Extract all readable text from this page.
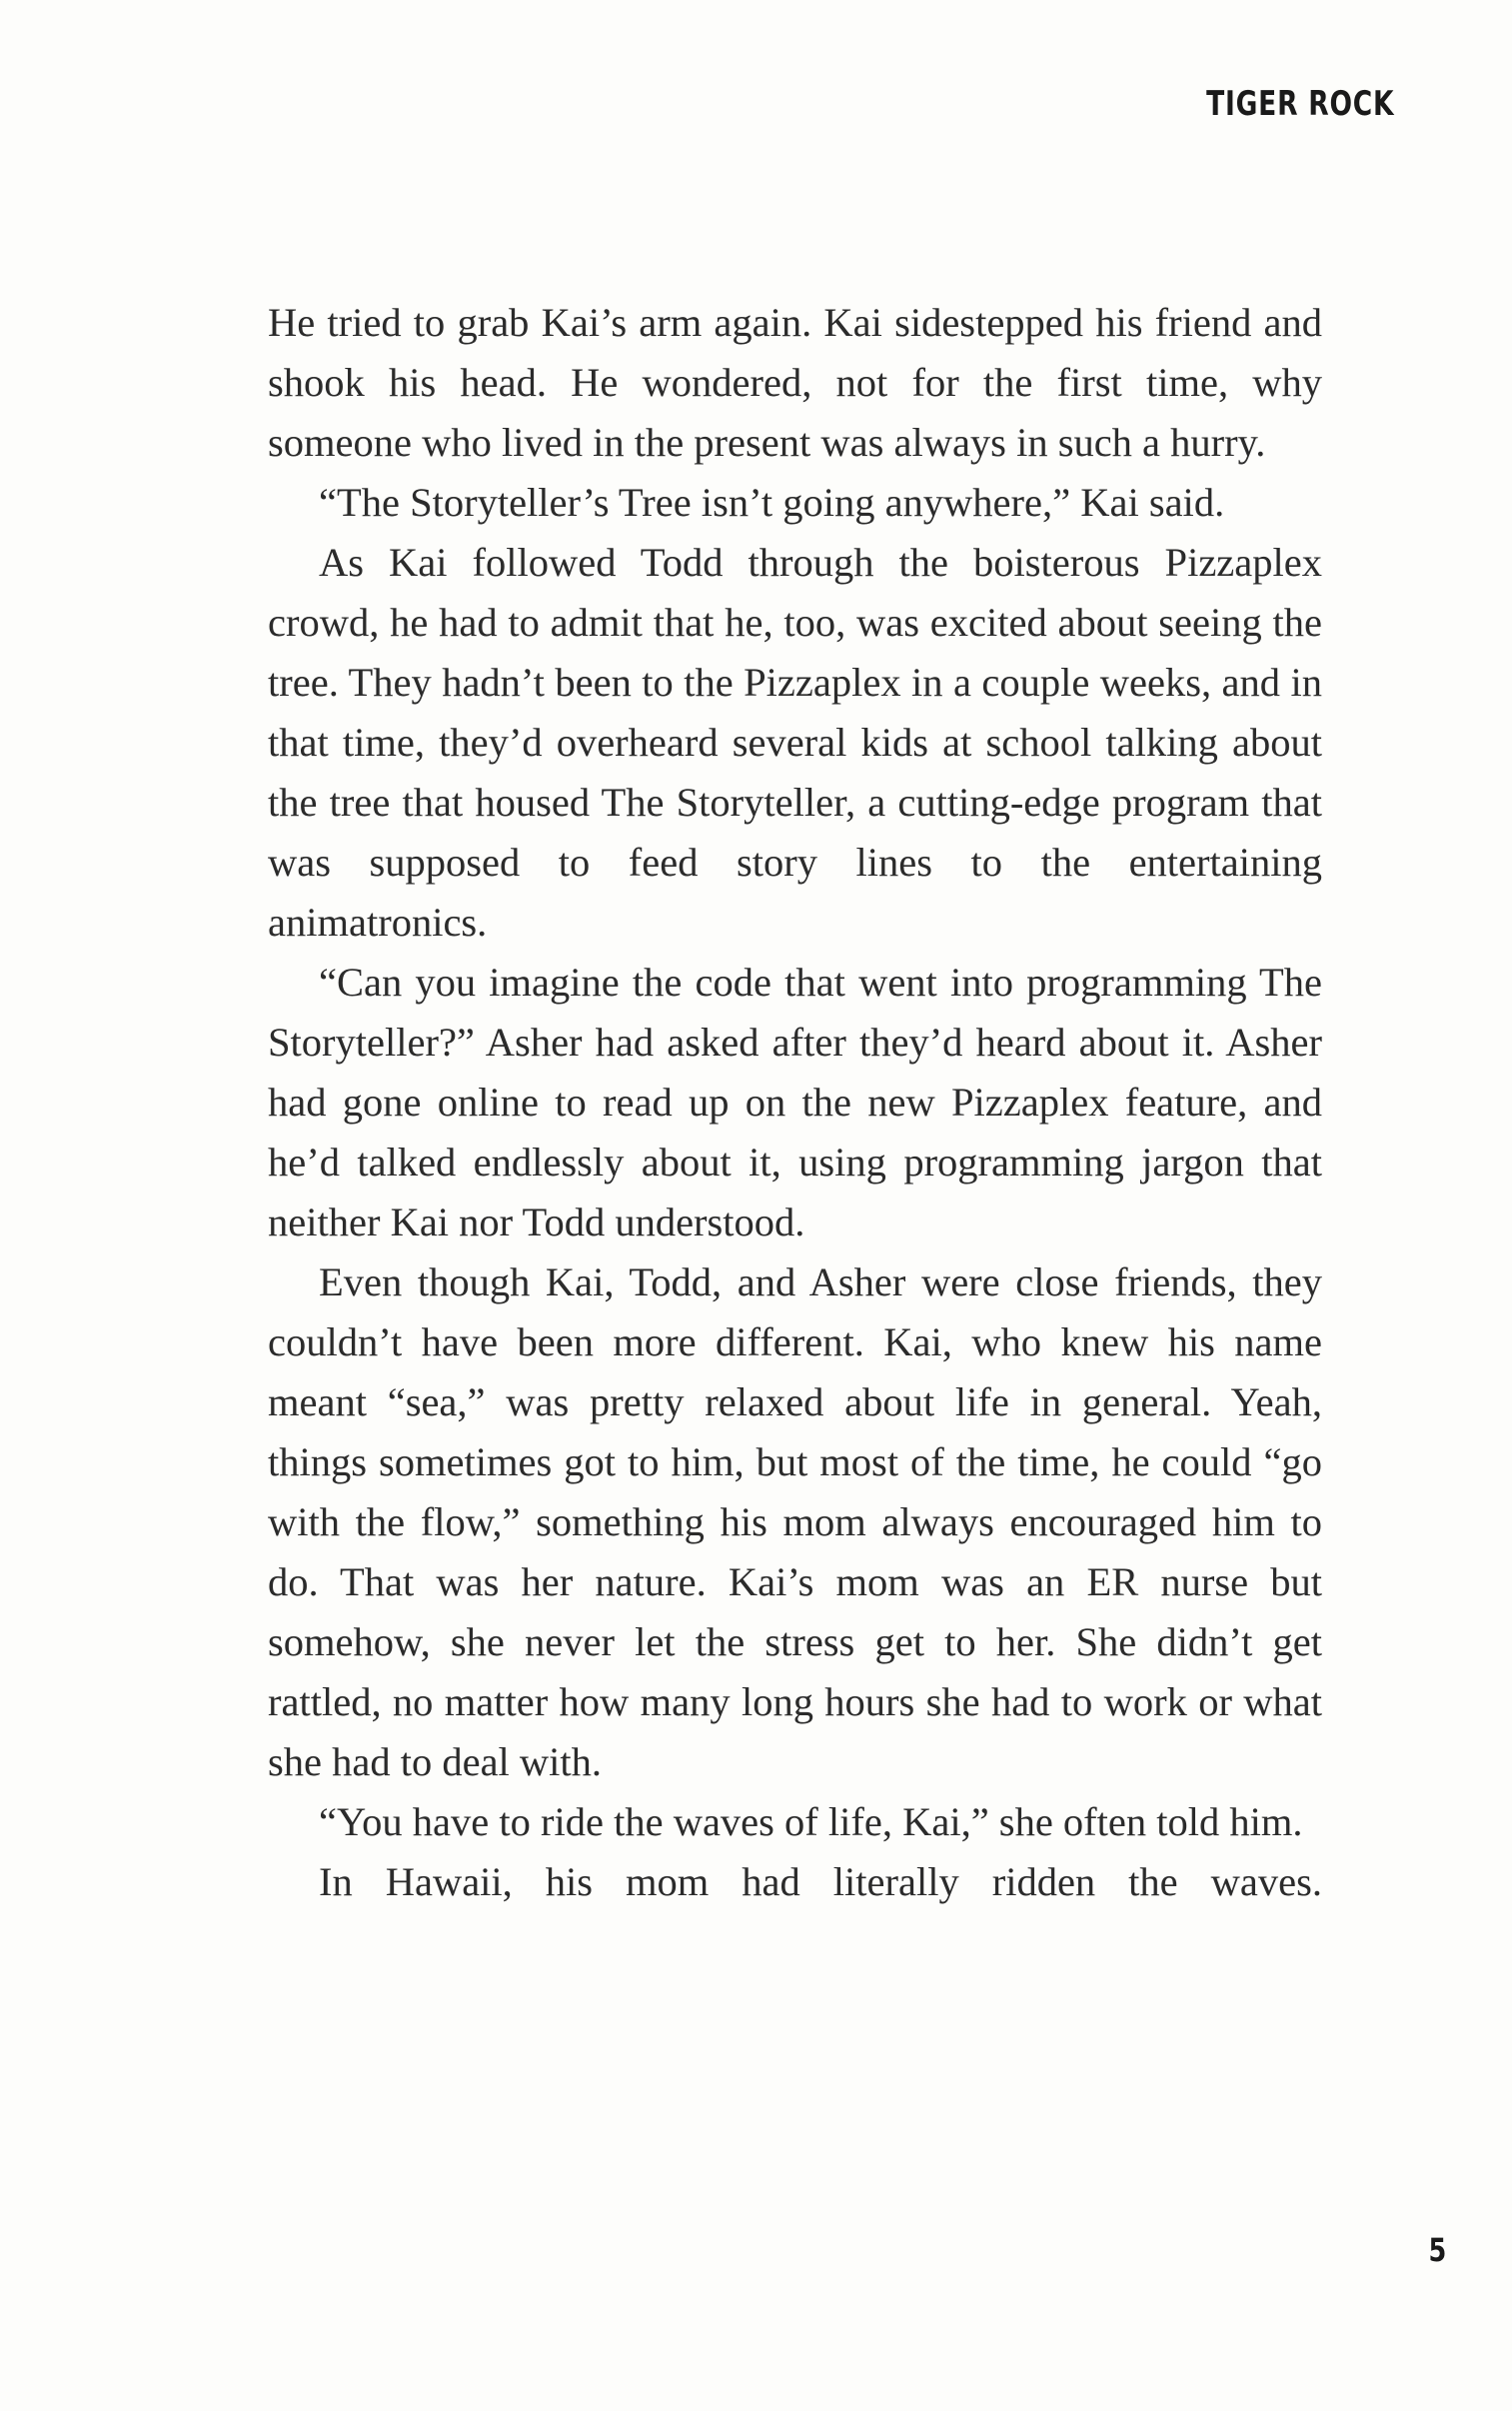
TIGER ROCK

He tried to grab Kai’s arm again. Kai sidestepped his friend and shook his head. He wondered, not for the first time, why someone who lived in the present was always in such a hurry.

“The Storyteller’s Tree isn’t going anywhere,” Kai said.

As Kai followed Todd through the boisterous Pizzaplex crowd, he had to admit that he, too, was excited about seeing the tree. They hadn’t been to the Pizzaplex in a couple weeks, and in that time, they’d overheard several kids at school talking about the tree that housed The Storyteller, a cutting-edge program that was supposed to feed story lines to the entertaining animatronics.

“Can you imagine the code that went into programming The Storyteller?” Asher had asked after they’d heard about it. Asher had gone online to read up on the new Pizzaplex feature, and he’d talked endlessly about it, using programming jargon that neither Kai nor Todd understood.

Even though Kai, Todd, and Asher were close friends, they couldn’t have been more different. Kai, who knew his name meant “sea,” was pretty relaxed about life in general. Yeah, things sometimes got to him, but most of the time, he could “go with the flow,” something his mom always encouraged him to do. That was her nature. Kai’s mom was an ER nurse but somehow, she never let the stress get to her. She didn’t get rattled, no matter how many long hours she had to work or what she had to deal with.

“You have to ride the waves of life, Kai,” she often told him.

In Hawaii, his mom had literally ridden the waves.

5
